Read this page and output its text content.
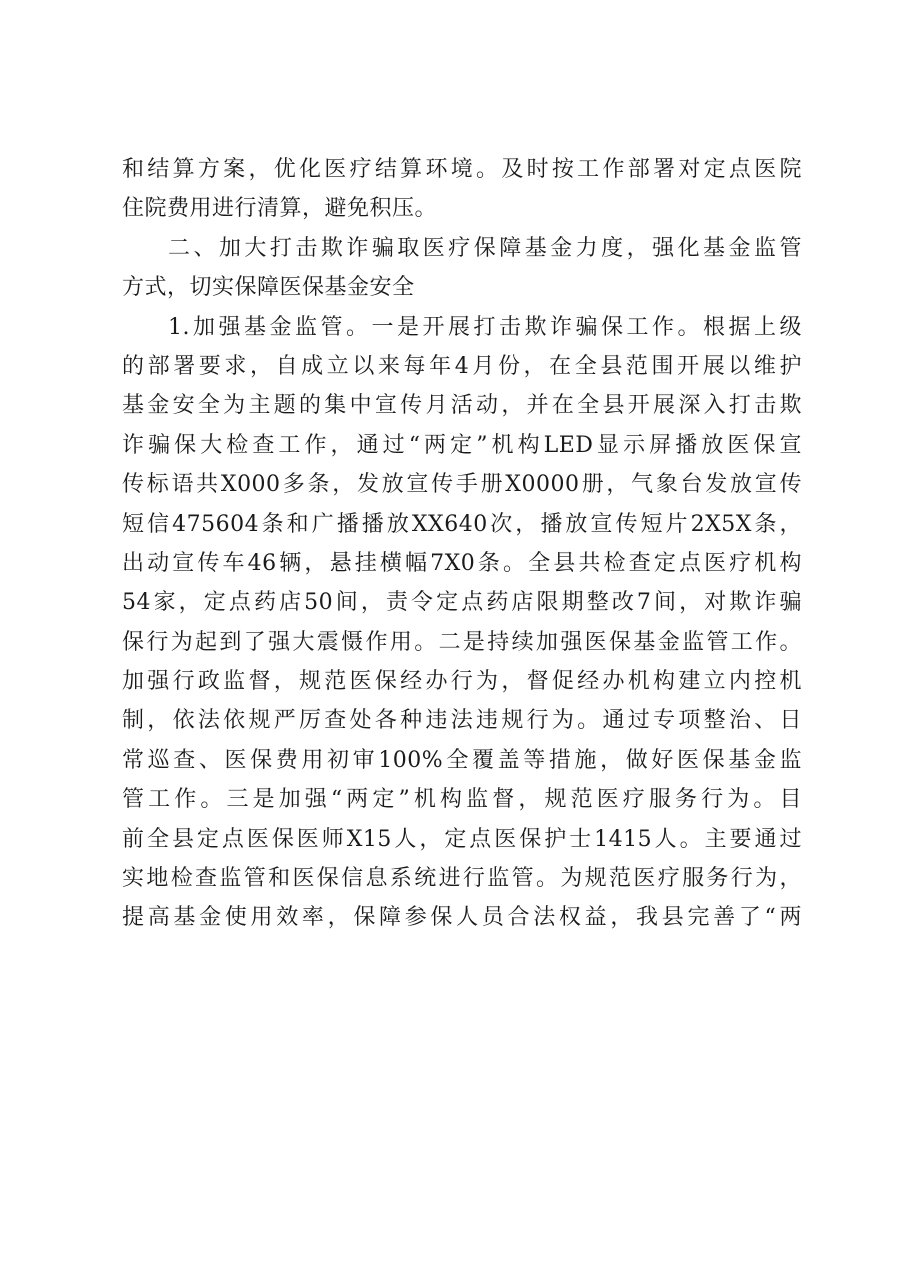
和结算方案，优化医疗结算环境。及时按工作部署对定点医院
住院费用进行清算，避免积压。
二、加大打击欺诈骗取医疗保障基金力度，强化基金监管
方式，切实保障医保基金安全
1.加强基金监管。一是开展打击欺诈骗保工作。根据上级
的部署要求，自成立以来每年4月份，在全县范围开展以维护
基金安全为主题的集中宣传月活动，并在全县开展深入打击欺
诈骗保大检查工作，通过“两定”机构LED显示屏播放医保宣
传标语共X000多条，发放宣传手册X0000册，气象台发放宣传
短信475604条和广播播放XX640次，播放宣传短片2X5X条，
出动宣传车46辆，悬挂横幅7X0条。全县共检查定点医疗机构
54家，定点药店50间，责令定点药店限期整改7间，对欺诈骗
保行为起到了强大震慑作用。二是持续加强医保基金监管工作。
加强行政监督，规范医保经办行为，督促经办机构建立内控机
制，依法依规严厉查处各种违法违规行为。通过专项整治、日
常巡查、医保费用初审100%全覆盖等措施，做好医保基金监
管工作。三是加强“两定”机构监督，规范医疗服务行为。目
前全县定点医保医师X15人，定点医保护士1415人。主要通过
实地检查监管和医保信息系统进行监管。为规范医疗服务行为，
提高基金使用效率，保障参保人员合法权益，我县完善了“两
